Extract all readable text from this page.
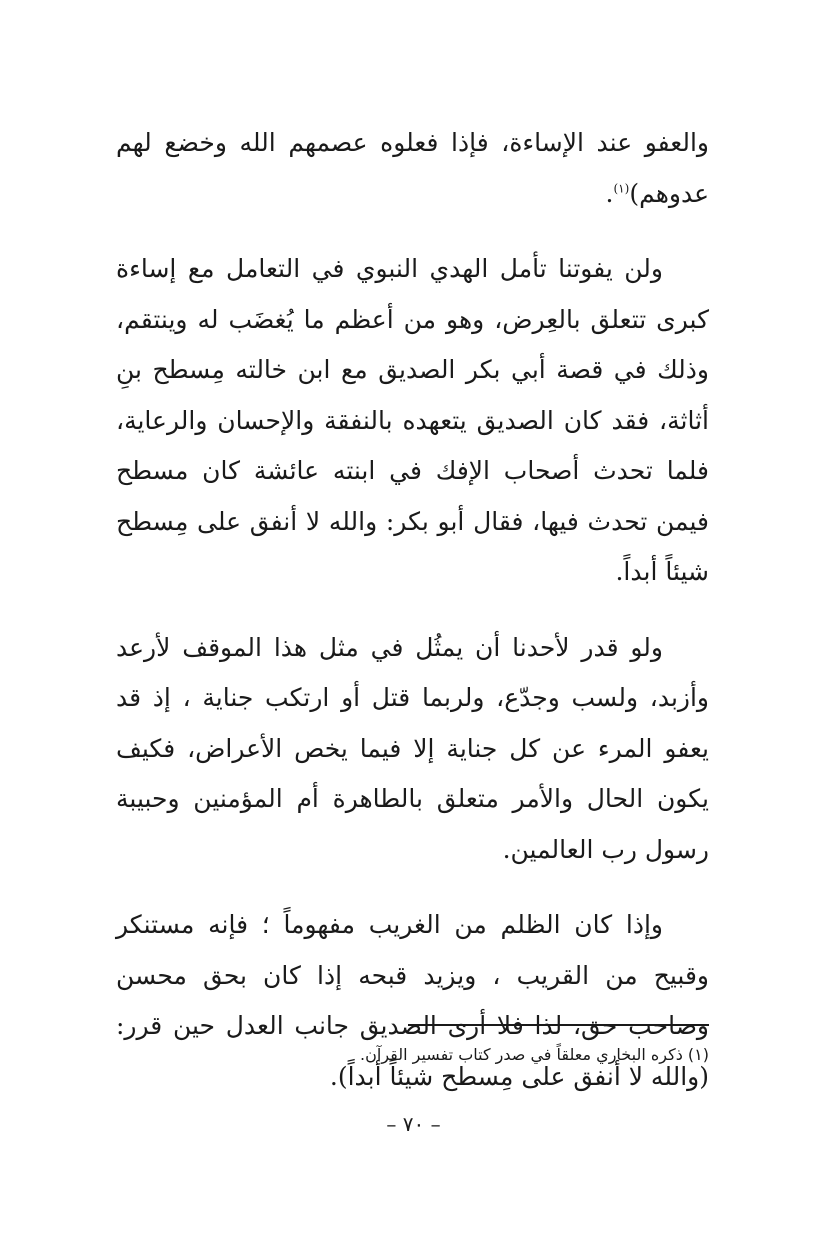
والعفو عند الإساءة، فإذا فعلوه عصمهم الله وخضع لهم عدوهم)$^{(١)}$.

ولن يفوتنا تأمل الهدي النبوي في التعامل مع إساءة كبرى تتعلق بالعِرض، وهو من أعظم ما يُغضَب له وينتقم، وذلك في قصة أبي بكر الصديق مع ابن خالته مِسطح بنِ أثاثة، فقد كان الصديق يتعهده بالنفقة والإحسان والرعاية، فلما تحدث أصحاب الإفك في ابنته عائشة كان مسطح فيمن تحدث فيها، فقال أبو بكر: والله لا أنفق على مِسطح شيئاً أبداً.

ولو قدر لأحدنا أن يمثُل في مثل هذا الموقف لأرعد وأزبد، ولسب وجدّع، ولربما قتل أو ارتكب جناية ، إذ قد يعفو المرء عن كل جناية إلا فيما يخص الأعراض، فكيف يكون الحال والأمر متعلق بالطاهرة أم المؤمنين وحبيبة رسول رب العالمين.

وإذا كان الظلم من الغريب مفهوماً ؛ فإنه مستنكر وقبيح من القريب ، ويزيد قبحه إذا كان بحق محسن وصاحب حق، لذا فلا أرى الصديق جانب العدل حين قرر: (والله لا أنفق على مِسطح شيئاً أبداً).

(١) ذكره البخاري معلقاً في صدر كتاب تفسير القرآن.
– ٧٠ –
